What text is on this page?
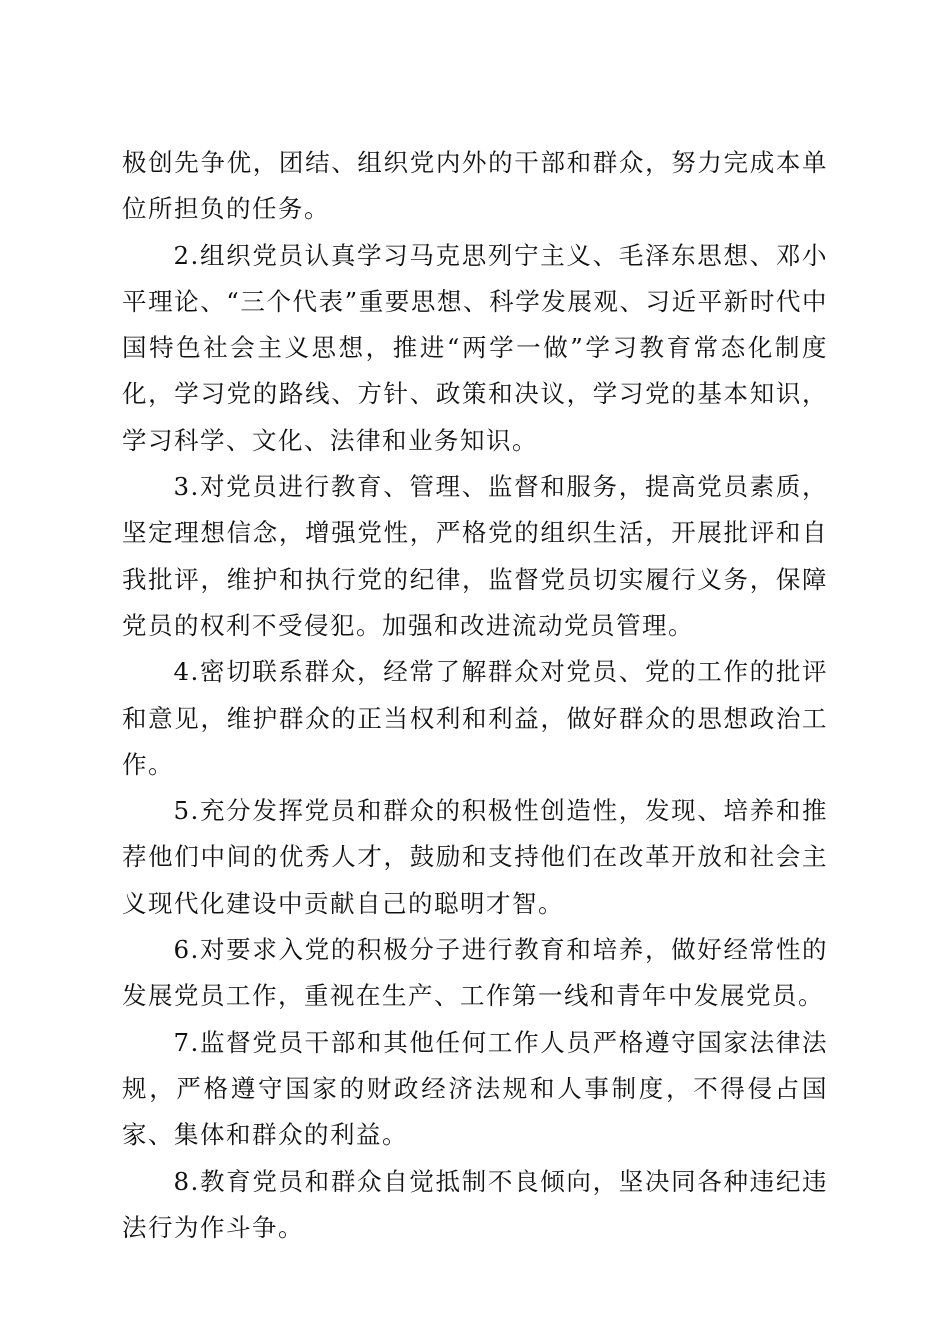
极创先争优，团结、组织党内外的干部和群众，努力完成本单位所担负的任务。

2.组织党员认真学习马克思列宁主义、毛泽东思想、邓小平理论、“三个代表”重要思想、科学发展观、习近平新时代中国特色社会主义思想，推进“两学一做”学习教育常态化制度化，学习党的路线、方针、政策和决议，学习党的基本知识，学习科学、文化、法律和业务知识。

3.对党员进行教育、管理、监督和服务，提高党员素质，坚定理想信念，增强党性，严格党的组织生活，开展批评和自我批评，维护和执行党的纪律，监督党员切实履行义务，保障党员的权利不受侵犯。加强和改进流动党员管理。

4.密切联系群众，经常了解群众对党员、党的工作的批评和意见，维护群众的正当权利和利益，做好群众的思想政治工作。

5.充分发挥党员和群众的积极性创造性，发现、培养和推荐他们中间的优秀人才，鼓励和支持他们在改革开放和社会主义现代化建设中贡献自己的聪明才智。

6.对要求入党的积极分子进行教育和培养，做好经常性的发展党员工作，重视在生产、工作第一线和青年中发展党员。

7.监督党员干部和其他任何工作人员严格遵守国家法律法规，严格遵守国家的财政经济法规和人事制度，不得侵占国家、集体和群众的利益。

8.教育党员和群众自觉抵制不良倾向，坚决同各种违纪违法行为作斗争。
